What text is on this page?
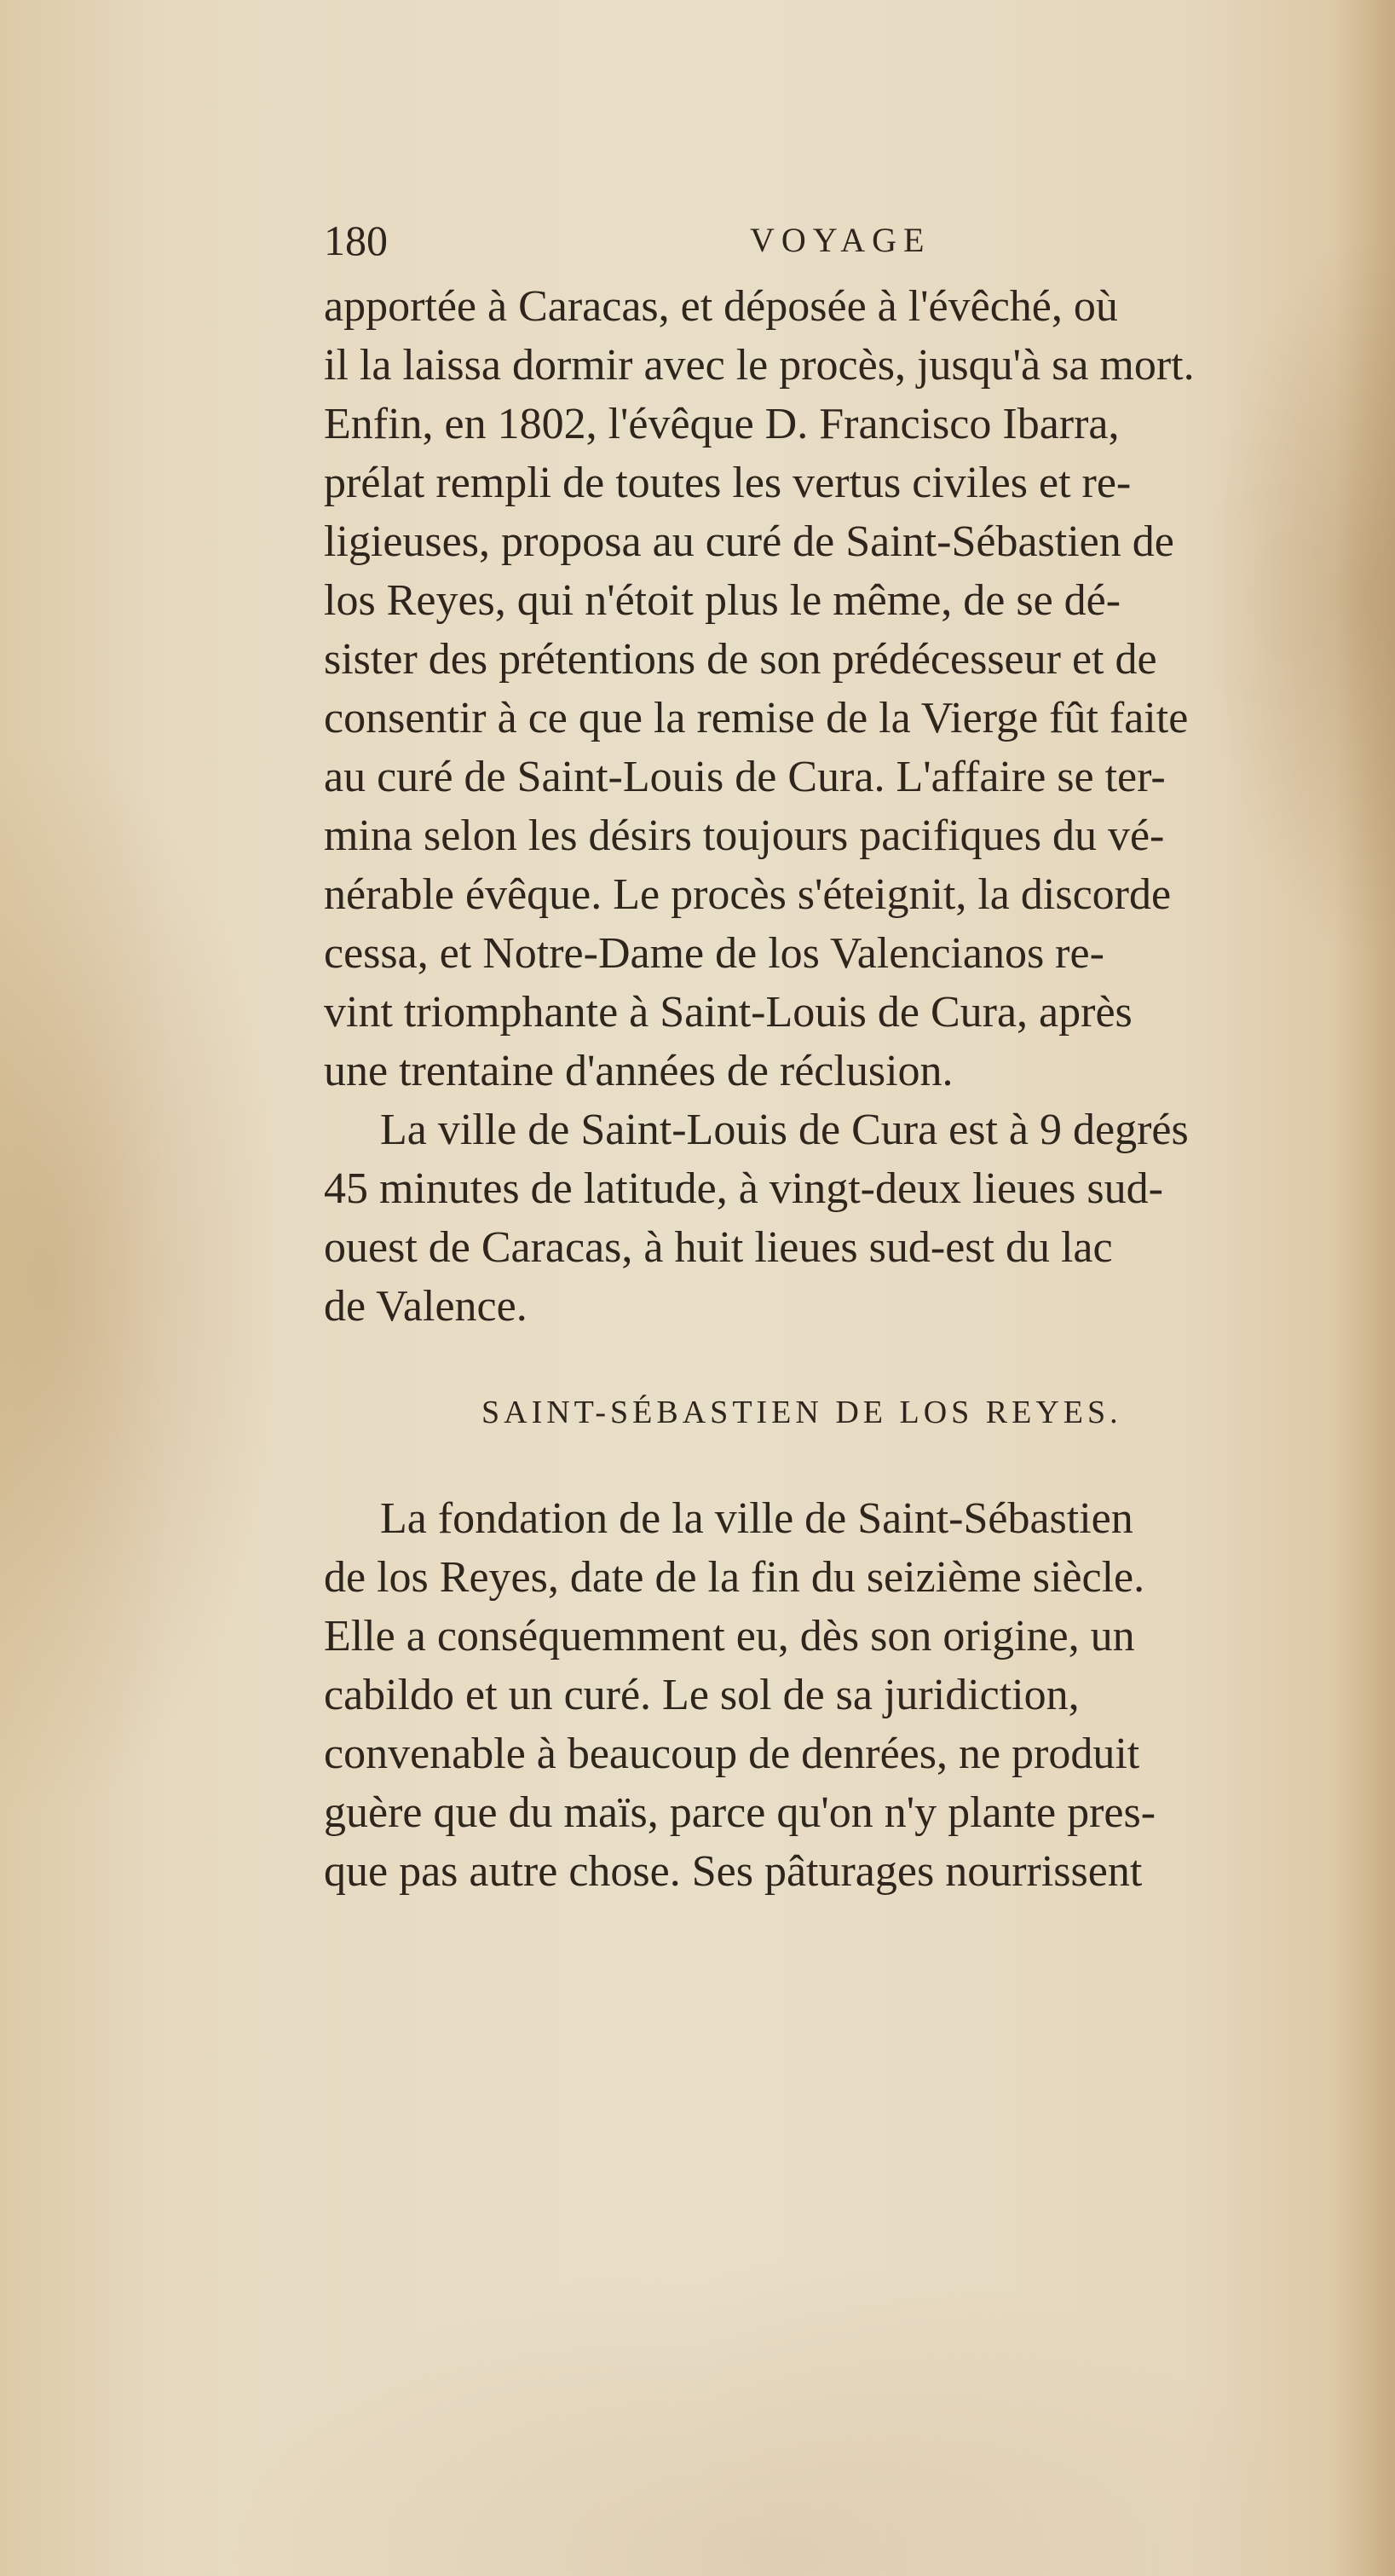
180	VOYAGE
apportée à Caracas, et déposée à l'évêché, où
il la laissa dormir avec le procès, jusqu'à sa mort.
Enfin, en 1802, l'évêque D. Francisco Ibarra,
prélat rempli de toutes les vertus civiles et re-
ligieuses, proposa au curé de Saint-Sébastien de
los Reyes, qui n'étoit plus le même, de se dé-
sister des prétentions de son prédécesseur et de
consentir à ce que la remise de la Vierge fût faite
au curé de Saint-Louis de Cura. L'affaire se ter-
mina selon les désirs toujours pacifiques du vé-
nérable évêque. Le procès s'éteignit, la discorde
cessa, et Notre-Dame de los Valencianos re-
vint triomphante à Saint-Louis de Cura, après
une trentaine d'années de réclusion.
La ville de Saint-Louis de Cura est à 9 degrés
45 minutes de latitude, à vingt-deux lieues sud-
ouest de Caracas, à huit lieues sud-est du lac
de Valence.
SAINT-SÉBASTIEN DE LOS REYES.
La fondation de la ville de Saint-Sébastien
de los Reyes, date de la fin du seizième siècle.
Elle a conséquemment eu, dès son origine, un
cabildo et un curé. Le sol de sa juridiction,
convenable à beaucoup de denrées, ne produit
guère que du maïs, parce qu'on n'y plante pres-
que pas autre chose. Ses pâturages nourrissent
